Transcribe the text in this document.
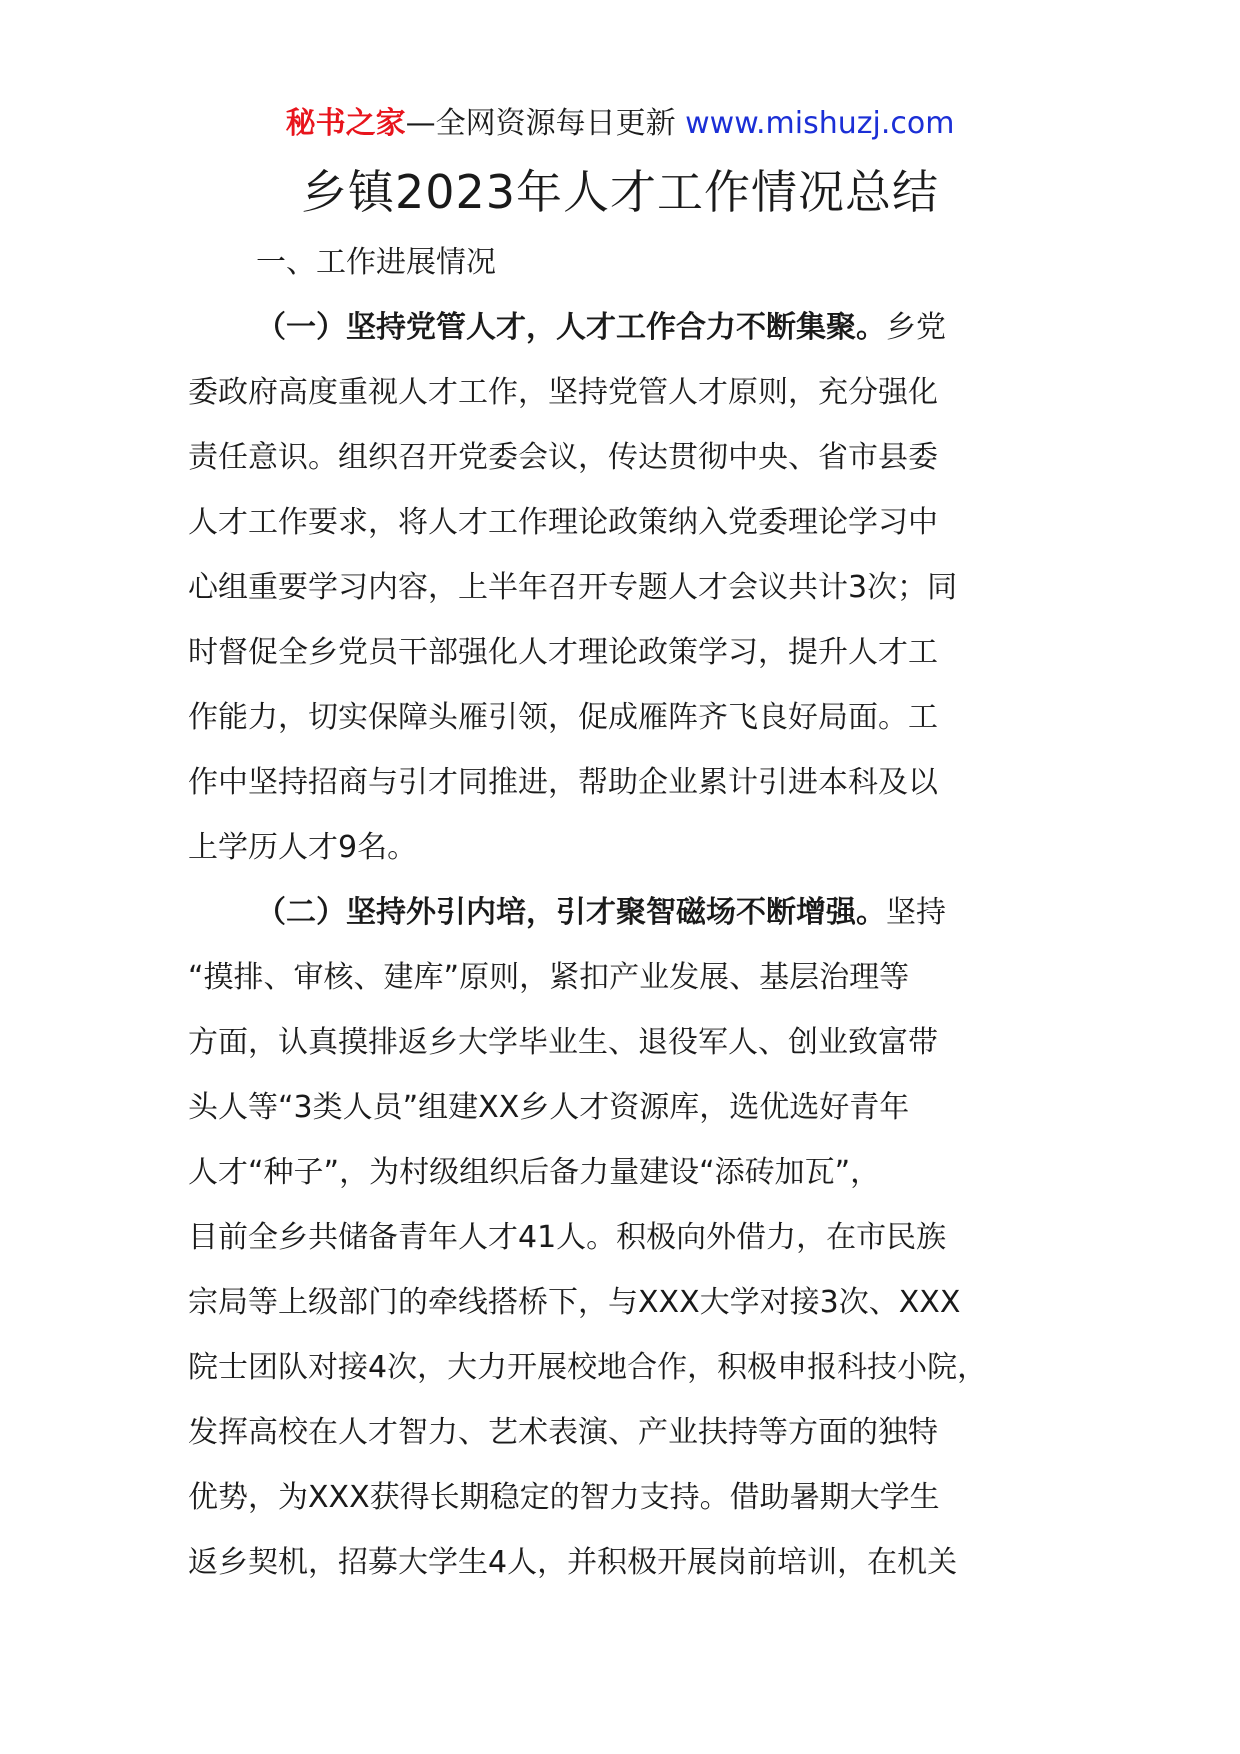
秘书之家—全网资源每日更新 www.mishuzj.com
乡镇2023年人才工作情况总结
一、工作进展情况
（一）坚持党管人才，人才工作合力不断集聚。乡党
委政府高度重视人才工作，坚持党管人才原则，充分强化
责任意识。组织召开党委会议，传达贯彻中央、省市县委
人才工作要求，将人才工作理论政策纳入党委理论学习中
心组重要学习内容，上半年召开专题人才会议共计3次；同
时督促全乡党员干部强化人才理论政策学习，提升人才工
作能力，切实保障头雁引领，促成雁阵齐飞良好局面。工
作中坚持招商与引才同推进，帮助企业累计引进本科及以
上学历人才9名。
（二）坚持外引内培，引才聚智磁场不断增强。坚持
“摸排、审核、建库”原则，紧扣产业发展、基层治理等
方面，认真摸排返乡大学毕业生、退役军人、创业致富带
头人等“3类人员”组建XX乡人才资源库，选优选好青年
人才“种子”，为村级组织后备力量建设“添砖加瓦”，
目前全乡共储备青年人才41人。积极向外借力，在市民族
宗局等上级部门的牵线搭桥下，与XXX大学对接3次、XXX
院士团队对接4次，大力开展校地合作，积极申报科技小院，
发挥高校在人才智力、艺术表演、产业扶持等方面的独特
优势，为XXX获得长期稳定的智力支持。借助暑期大学生
返乡契机，招募大学生4人，并积极开展岗前培训，在机关
